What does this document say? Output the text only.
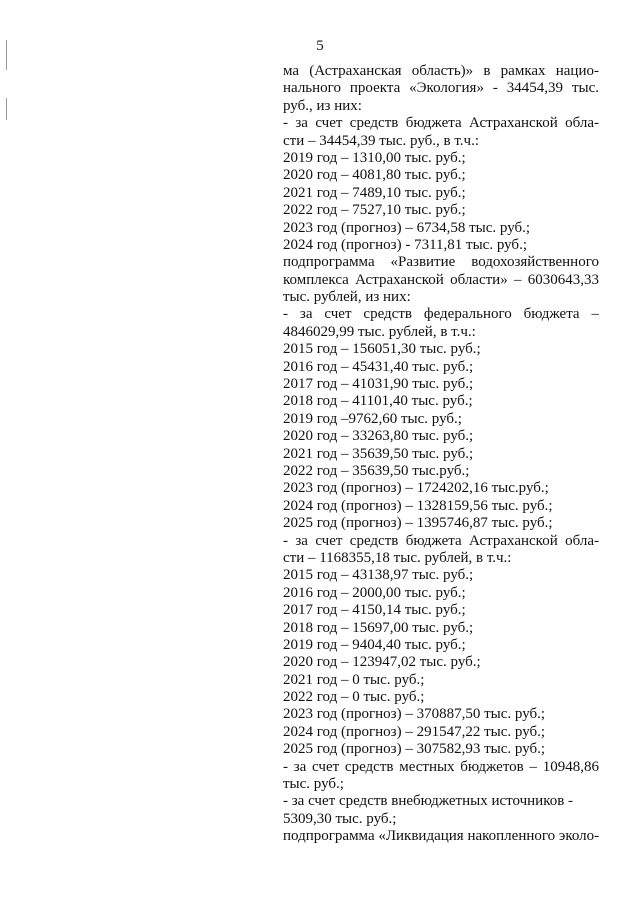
5
ма (Астраханская область)» в рамках нацио-
нального проекта «Экология» - 34454,39 тыс.
руб., из них:
- за счет средств бюджета Астраханской обла-
сти – 34454,39 тыс. руб., в т.ч.:
2019 год – 1310,00 тыс. руб.;
2020 год – 4081,80 тыс. руб.;
2021 год – 7489,10 тыс. руб.;
2022 год – 7527,10 тыс. руб.;
2023 год (прогноз) – 6734,58 тыс. руб.;
2024 год (прогноз) - 7311,81 тыс. руб.;
подпрограмма «Развитие водохозяйственного
комплекса Астраханской области» – 6030643,33
тыс. рублей, из них:
- за счет средств федерального бюджета –
4846029,99 тыс. рублей, в т.ч.:
2015 год – 156051,30 тыс. руб.;
2016 год – 45431,40 тыс. руб.;
2017 год – 41031,90 тыс. руб.;
2018 год – 41101,40 тыс. руб.;
2019 год –9762,60 тыс. руб.;
2020 год – 33263,80 тыс. руб.;
2021 год – 35639,50 тыс. руб.;
2022 год – 35639,50 тыс.руб.;
2023 год (прогноз) – 1724202,16 тыс.руб.;
2024 год (прогноз) – 1328159,56 тыс. руб.;
2025 год (прогноз) – 1395746,87 тыс. руб.;
- за счет средств бюджета Астраханской обла-
сти – 1168355,18 тыс. рублей, в т.ч.:
2015 год – 43138,97 тыс. руб.;
2016 год – 2000,00 тыс. руб.;
2017 год – 4150,14 тыс. руб.;
2018 год – 15697,00 тыс. руб.;
2019 год – 9404,40 тыс. руб.;
2020 год – 123947,02 тыс. руб.;
2021 год – 0 тыс. руб.;
2022 год – 0 тыс. руб.;
2023 год (прогноз) – 370887,50 тыс. руб.;
2024 год (прогноз) – 291547,22 тыс. руб.;
2025 год (прогноз) – 307582,93 тыс. руб.;
- за счет средств местных бюджетов – 10948,86
тыс. руб.;
- за счет средств внебюджетных источников -
5309,30 тыс. руб.;
подпрограмма «Ликвидация накопленного эколо-
